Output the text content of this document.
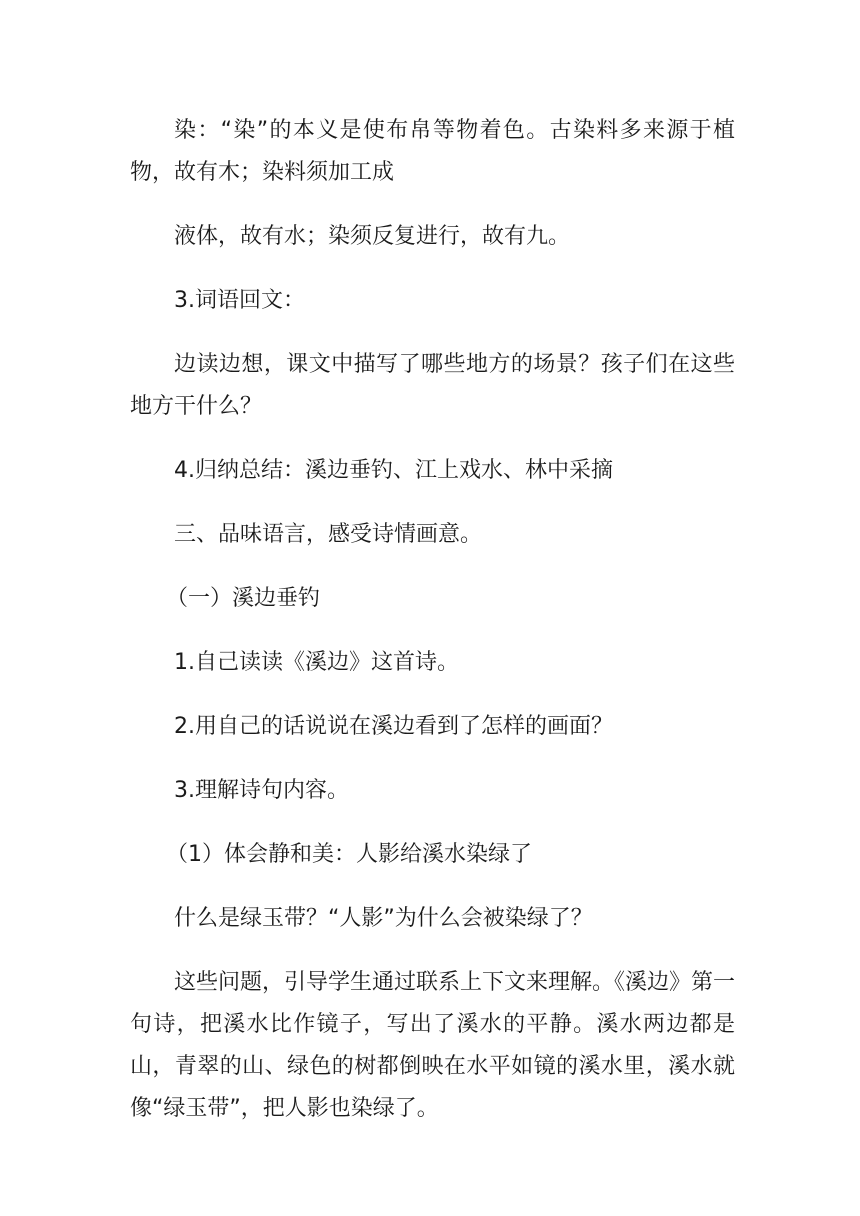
染：“染”的本义是使布帛等物着色。古染料多来源于植物，故有木；染料须加工成

液体，故有水；染须反复进行，故有九。

3.词语回文：

边读边想，课文中描写了哪些地方的场景？孩子们在这些地方干什么？

4.归纳总结：溪边垂钓、江上戏水、林中采摘

三、品味语言，感受诗情画意。

（一）溪边垂钓

1.自己读读《溪边》这首诗。

2.用自己的话说说在溪边看到了怎样的画面？

3.理解诗句内容。

（1）体会静和美：人影给溪水染绿了

什么是绿玉带？“人影”为什么会被染绿了？

这些问题，引导学生通过联系上下文来理解。《溪边》第一句诗，把溪水比作镜子，写出了溪水的平静。溪水两边都是山，青翠的山、绿色的树都倒映在水平如镜的溪水里，溪水就像“绿玉带”，把人影也染绿了。
